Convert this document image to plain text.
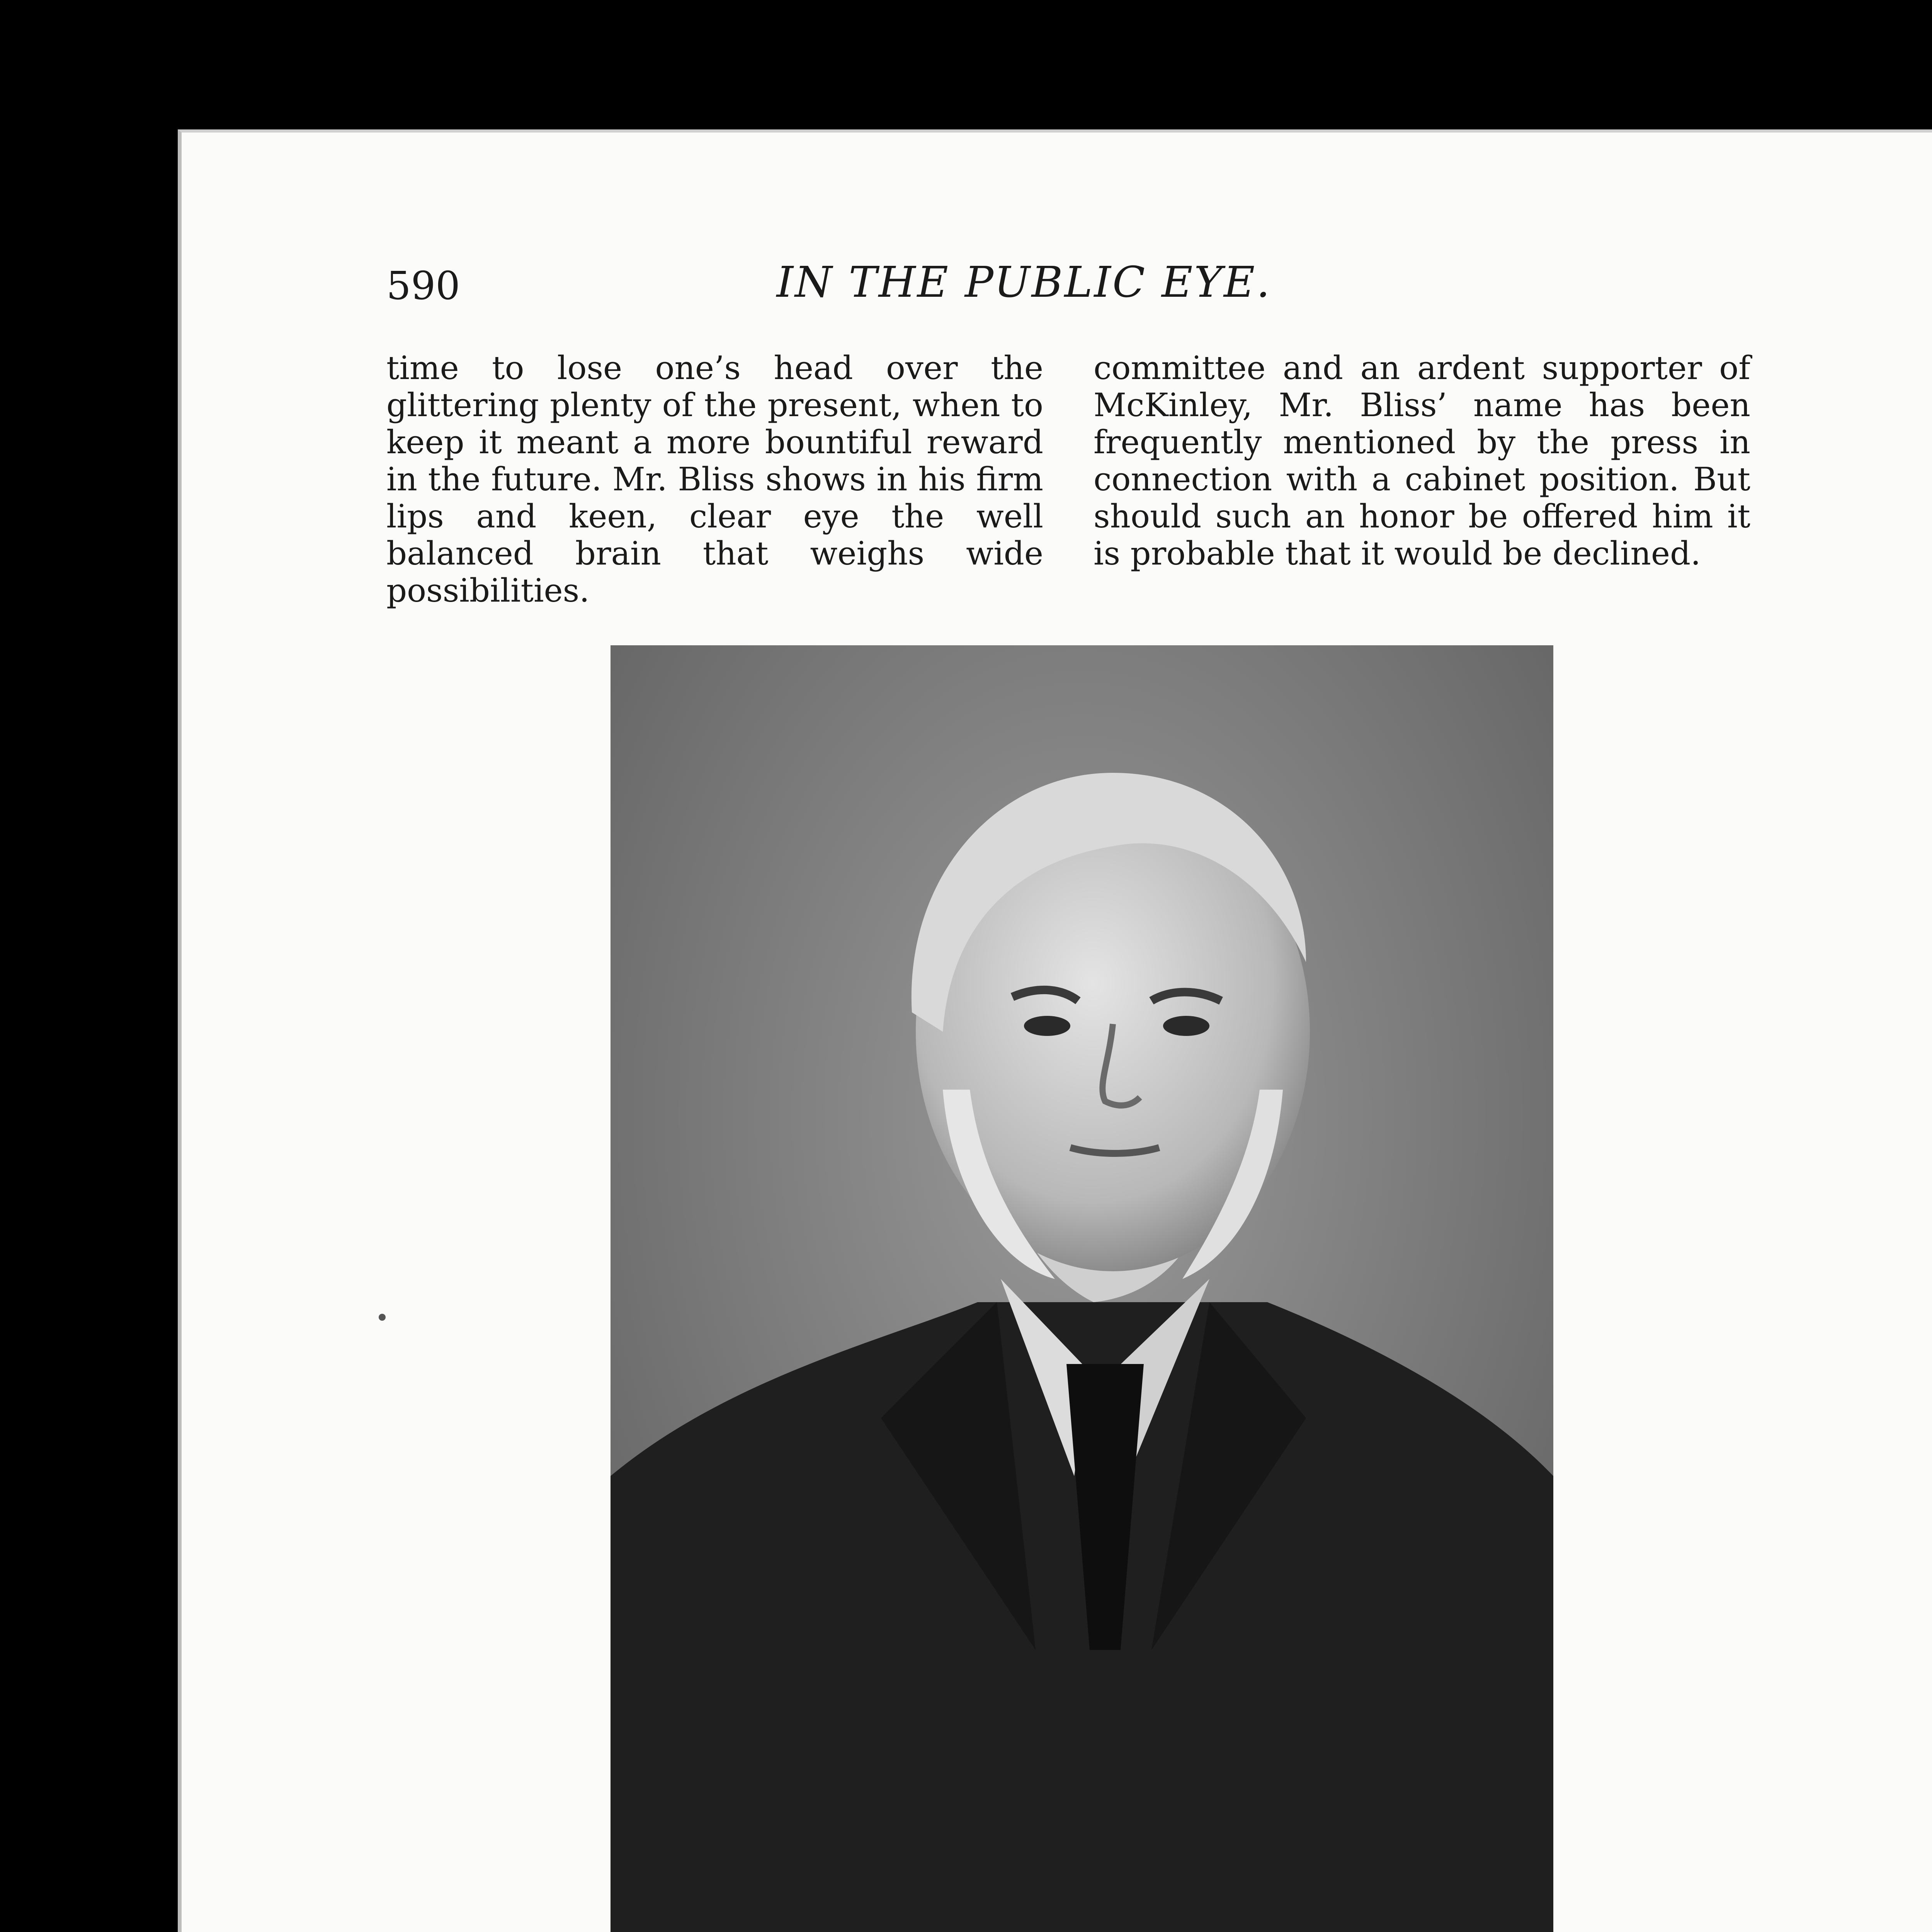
590	IN THE PUBLIC EYE.

time to lose one’s head over the glittering plenty of the present, when to keep it meant a more bountiful reward in the future. Mr. Bliss shows in his firm lips and keen, clear eye the well balanced brain that weighs wide possibilities.

committee and an ardent supporter of McKinley, Mr. Bliss’ name has been frequently mentioned by the press in connection with a cabinet position. But should such an honor be offered him it is probable that it would be declined.
